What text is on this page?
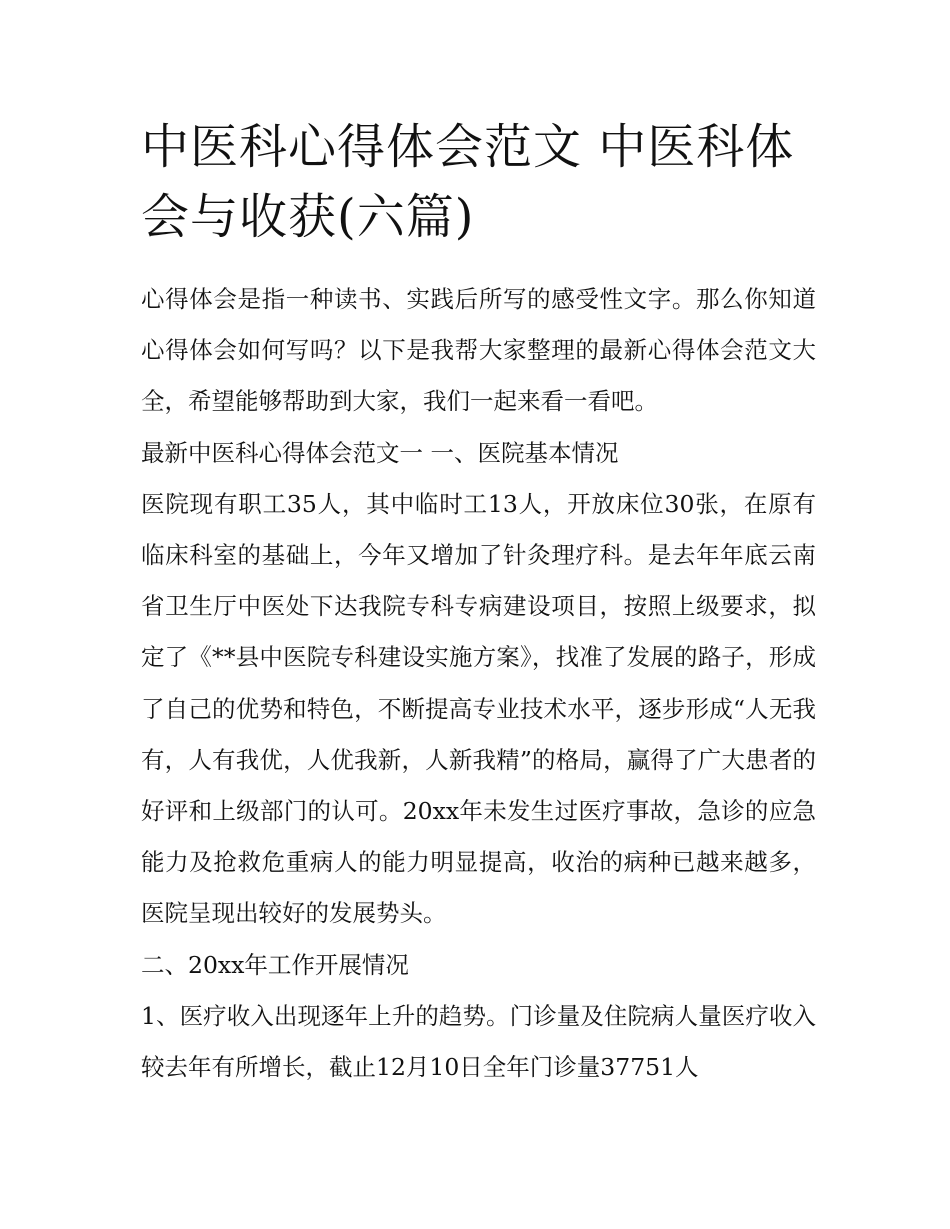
中医科心得体会范文 中医科体会与收获(六篇)

心得体会是指一种读书、实践后所写的感受性文字。那么你知道心得体会如何写吗？以下是我帮大家整理的最新心得体会范文大全，希望能够帮助到大家，我们一起来看一看吧。

最新中医科心得体会范文一 一、医院基本情况

医院现有职工35人，其中临时工13人，开放床位30张，在原有临床科室的基础上，今年又增加了针灸理疗科。是去年年底云南省卫生厅中医处下达我院专科专病建设项目，按照上级要求，拟定了《**县中医院专科建设实施方案》，找准了发展的路子，形成了自己的优势和特色，不断提高专业技术水平，逐步形成“人无我有，人有我优，人优我新，人新我精”的格局，赢得了广大患者的好评和上级部门的认可。20xx年未发生过医疗事故，急诊的应急能力及抢救危重病人的能力明显提高，收治的病种已越来越多，医院呈现出较好的发展势头。

二、20xx年工作开展情况

1、医疗收入出现逐年上升的趋势。门诊量及住院病人量医疗收入较去年有所增长，截止12月10日全年门诊量37751人
